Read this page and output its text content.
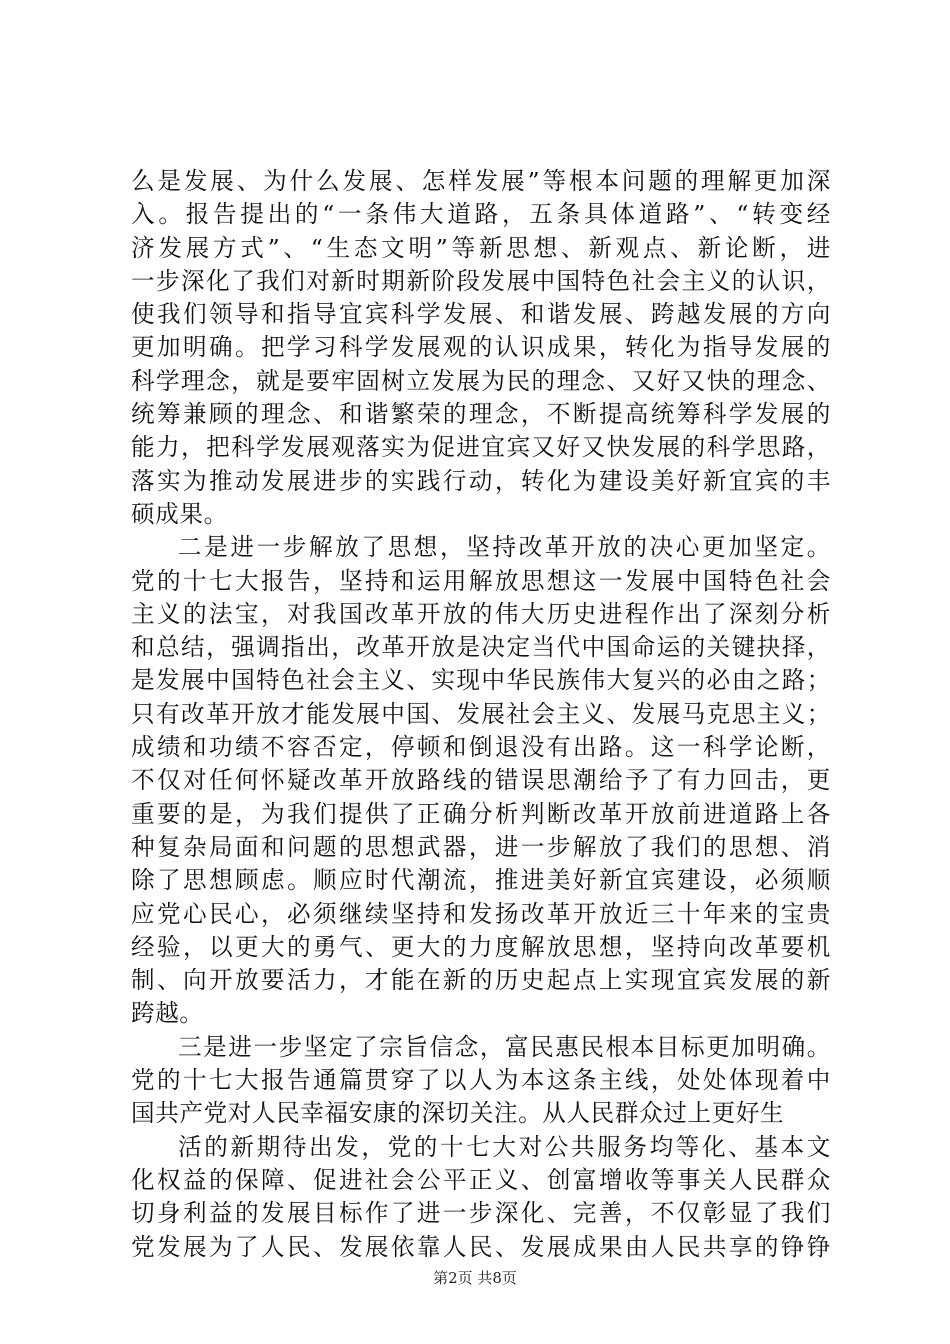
么是发展、为什么发展、怎样发展”等根本问题的理解更加深
入。报告提出的“一条伟大道路，五条具体道路”、“转变经
济发展方式”、“生态文明”等新思想、新观点、新论断，进
一步深化了我们对新时期新阶段发展中国特色社会主义的认识，
使我们领导和指导宜宾科学发展、和谐发展、跨越发展的方向
更加明确。把学习科学发展观的认识成果，转化为指导发展的
科学理念，就是要牢固树立发展为民的理念、又好又快的理念、
统筹兼顾的理念、和谐繁荣的理念，不断提高统筹科学发展的
能力，把科学发展观落实为促进宜宾又好又快发展的科学思路，
落实为推动发展进步的实践行动，转化为建设美好新宜宾的丰
硕成果。
二是进一步解放了思想，坚持改革开放的决心更加坚定。
党的十七大报告，坚持和运用解放思想这一发展中国特色社会
主义的法宝，对我国改革开放的伟大历史进程作出了深刻分析
和总结，强调指出，改革开放是决定当代中国命运的关键抉择，
是发展中国特色社会主义、实现中华民族伟大复兴的必由之路；
只有改革开放才能发展中国、发展社会主义、发展马克思主义；
成绩和功绩不容否定，停顿和倒退没有出路。这一科学论断，
不仅对任何怀疑改革开放路线的错误思潮给予了有力回击，更
重要的是，为我们提供了正确分析判断改革开放前进道路上各
种复杂局面和问题的思想武器，进一步解放了我们的思想、消
除了思想顾虑。顺应时代潮流，推进美好新宜宾建设，必须顺
应党心民心，必须继续坚持和发扬改革开放近三十年来的宝贵
经验，以更大的勇气、更大的力度解放思想，坚持向改革要机
制、向开放要活力，才能在新的历史起点上实现宜宾发展的新
跨越。
三是进一步坚定了宗旨信念，富民惠民根本目标更加明确。
党的十七大报告通篇贯穿了以人为本这条主线，处处体现着中
国共产党对人民幸福安康的深切关注。从人民群众过上更好生
活的新期待出发，党的十七大对公共服务均等化、基本文
化权益的保障、促进社会公平正义、创富增收等事关人民群众
切身利益的发展目标作了进一步深化、完善，不仅彰显了我们
党发展为了人民、发展依靠人民、发展成果由人民共享的铮铮
第2页 共8页
